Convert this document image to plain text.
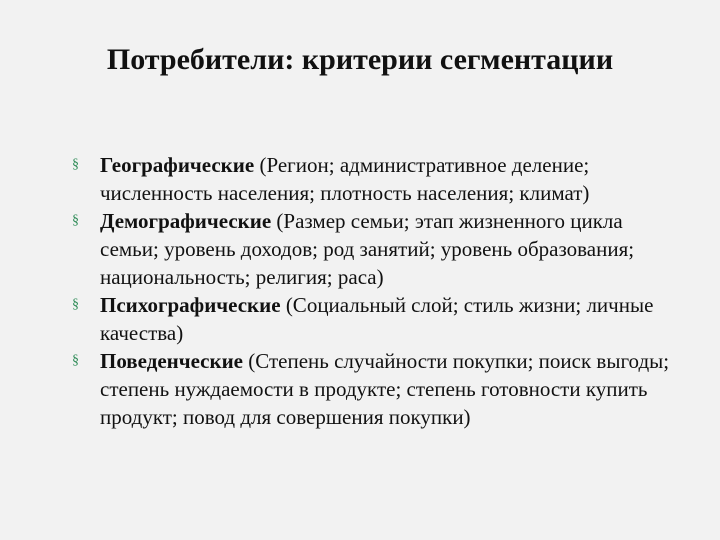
Потребители: критерии сегментации
§	Географические (Регион; административное деление; численность населения; плотность населения; климат)
§	Демографические (Размер семьи; этап жизненного цикла семьи; уровень доходов; род занятий; уровень образования; национальность; религия; раса)
§	Психографические (Социальный слой; стиль жизни; личные качества)
§	Поведенческие (Степень случайности покупки; поиск выгоды; степень нуждаемости в продукте; степень готовности купить продукт; повод для совершения покупки)
